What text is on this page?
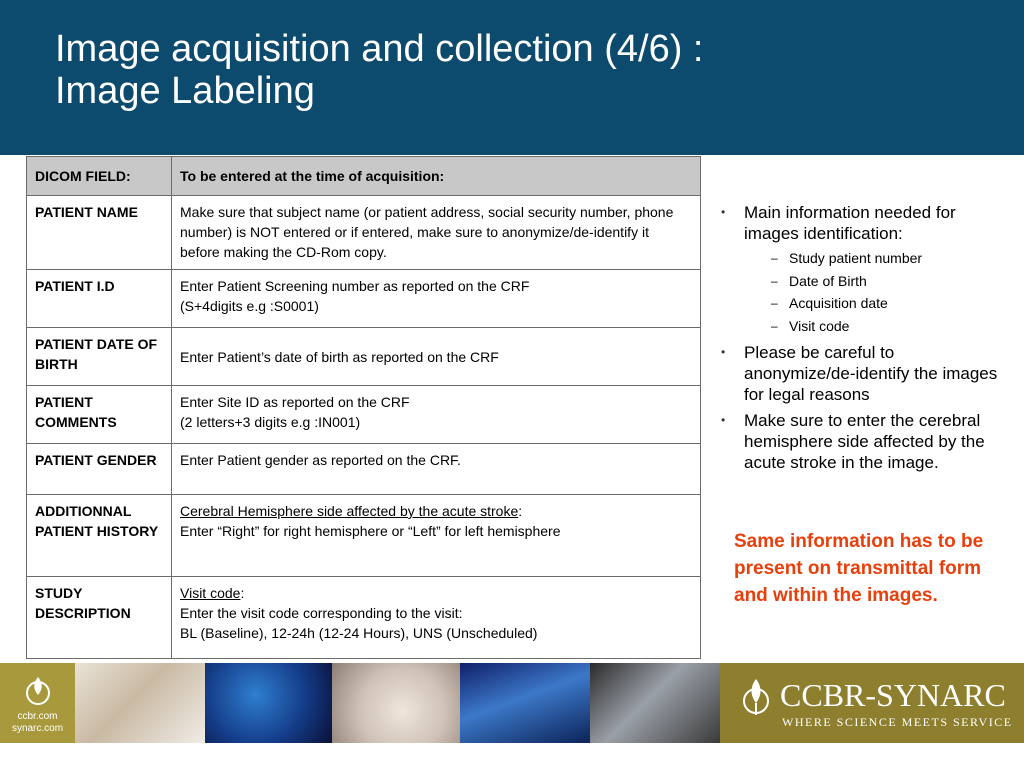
Image acquisition and collection (4/6) :
Image Labeling
DICOM FIELD:	To be entered at the time of acquisition:

PATIENT NAME	Make sure that subject name (or patient address, social security number, phone number) is NOT entered or if entered, make sure to anonymize/de-identify it before making the CD-Rom copy.

PATIENT I.D	Enter Patient Screening number as reported on the CRF
(S+4digits e.g :S0001)

PATIENT DATE OF BIRTH	Enter Patient’s date of birth as reported on the CRF

PATIENT COMMENTS	Enter Site ID as reported on the CRF
(2 letters+3 digits e.g :IN001)

PATIENT GENDER	Enter Patient gender as reported on the CRF.

ADDITIONNAL PATIENT HISTORY	Cerebral Hemisphere side affected by the acute stroke:
Enter “Right” for right hemisphere or “Left” for left hemisphere

STUDY DESCRIPTION	Visit code:
Enter the visit code corresponding to the visit:
BL (Baseline), 12-24h (12-24 Hours), UNS (Unscheduled)
• Main information needed for images identification:
– Study patient number
– Date of Birth
– Acquisition date
– Visit code
• Please be careful to anonymize/de-identify the images for legal reasons
• Make sure to enter the cerebral hemisphere side affected by the acute stroke in the image.
Same information has to be present on transmittal form and within the images.
ccbr.com
synarc.com
CCBR-SYNARC
WHERE SCIENCE MEETS SERVICE
